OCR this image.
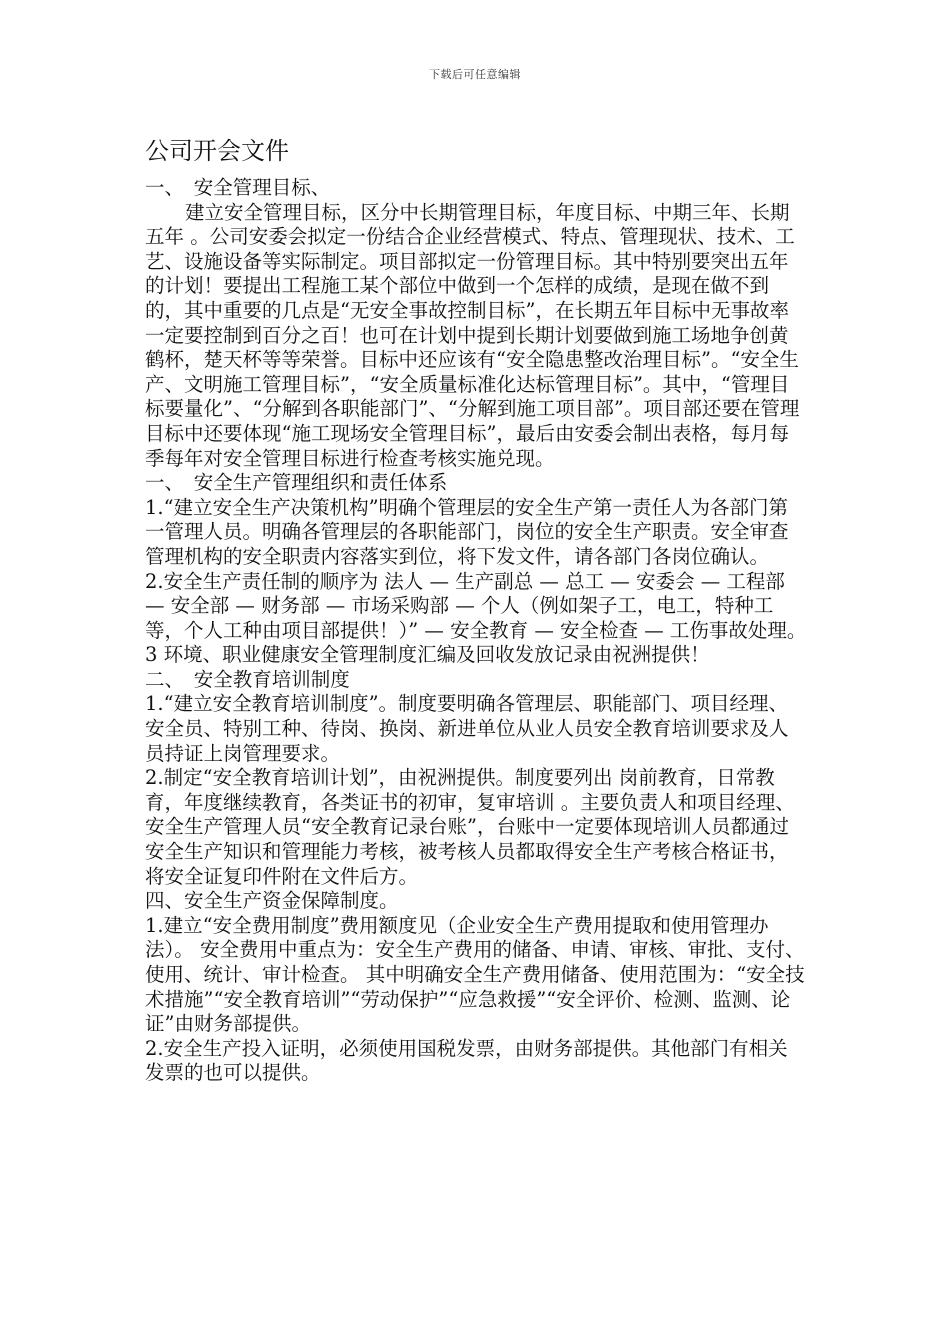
下载后可任意编辑
公司开会文件

一、　安全管理目标、

建立安全管理目标，区分中长期管理目标，年度目标、中期三年、长期五年 。公司安委会拟定一份结合企业经营模式、特点、管理现状、技术、工艺、设施设备等实际制定。项目部拟定一份管理目标。其中特别要突出五年的计划！要提出工程施工某个部位中做到一个怎样的成绩，是现在做不到的，其中重要的几点是“无安全事故控制目标”，在长期五年目标中无事故率一定要控制到百分之百！也可在计划中提到长期计划要做到施工场地争创黄鹤杯，楚天杯等等荣誉。目标中还应该有“安全隐患整改治理目标”。“安全生产、文明施工管理目标”，“安全质量标准化达标管理目标”。其中，“管理目标要量化”、“分解到各职能部门”、“分解到施工项目部”。项目部还要在管理目标中还要体现“施工现场安全管理目标”，最后由安委会制出表格，每月每季每年对安全管理目标进行检查考核实施兑现。

一、　安全生产管理组织和责任体系

1.“建立安全生产决策机构”明确个管理层的安全生产第一责任人为各部门第一管理人员。明确各管理层的各职能部门，岗位的安全生产职责。安全审查管理机构的安全职责内容落实到位，将下发文件，请各部门各岗位确认。

2.安全生产责任制的顺序为 法人 — 生产副总 — 总工 — 安委会 — 工程部 — 安全部 — 财务部 — 市场采购部 — 个人（例如架子工，电工，特种工等，个人工种由项目部提供！）” — 安全教育 — 安全检查 — 工伤事故处理。

3 环境、职业健康安全管理制度汇编及回收发放记录由祝洲提供！

二、　安全教育培训制度

1.“建立安全教育培训制度”。制度要明确各管理层、职能部门、项目经理、安全员、特别工种、待岗、换岗、新进单位从业人员安全教育培训要求及人员持证上岗管理要求。

2.制定“安全教育培训计划”，由祝洲提供。制度要列出 岗前教育，日常教育，年度继续教育，各类证书的初审，复审培训 。主要负责人和项目经理、安全生产管理人员“安全教育记录台账”，台账中一定要体现培训人员都通过安全生产知识和管理能力考核，被考核人员都取得安全生产考核合格证书，将安全证复印件附在文件后方。

四、安全生产资金保障制度。

1.建立“安全费用制度”费用额度见（企业安全生产费用提取和使用管理办法）。 安全费用中重点为：安全生产费用的储备、申请、审核、审批、支付、使用、统计、审计检查。 其中明确安全生产费用储备、使用范围为：“安全技术措施”“安全教育培训”“劳动保护”“应急救援”“安全评价、检测、监测、论证”由财务部提供。

2.安全生产投入证明，必须使用国税发票，由财务部提供。其他部门有相关发票的也可以提供。
